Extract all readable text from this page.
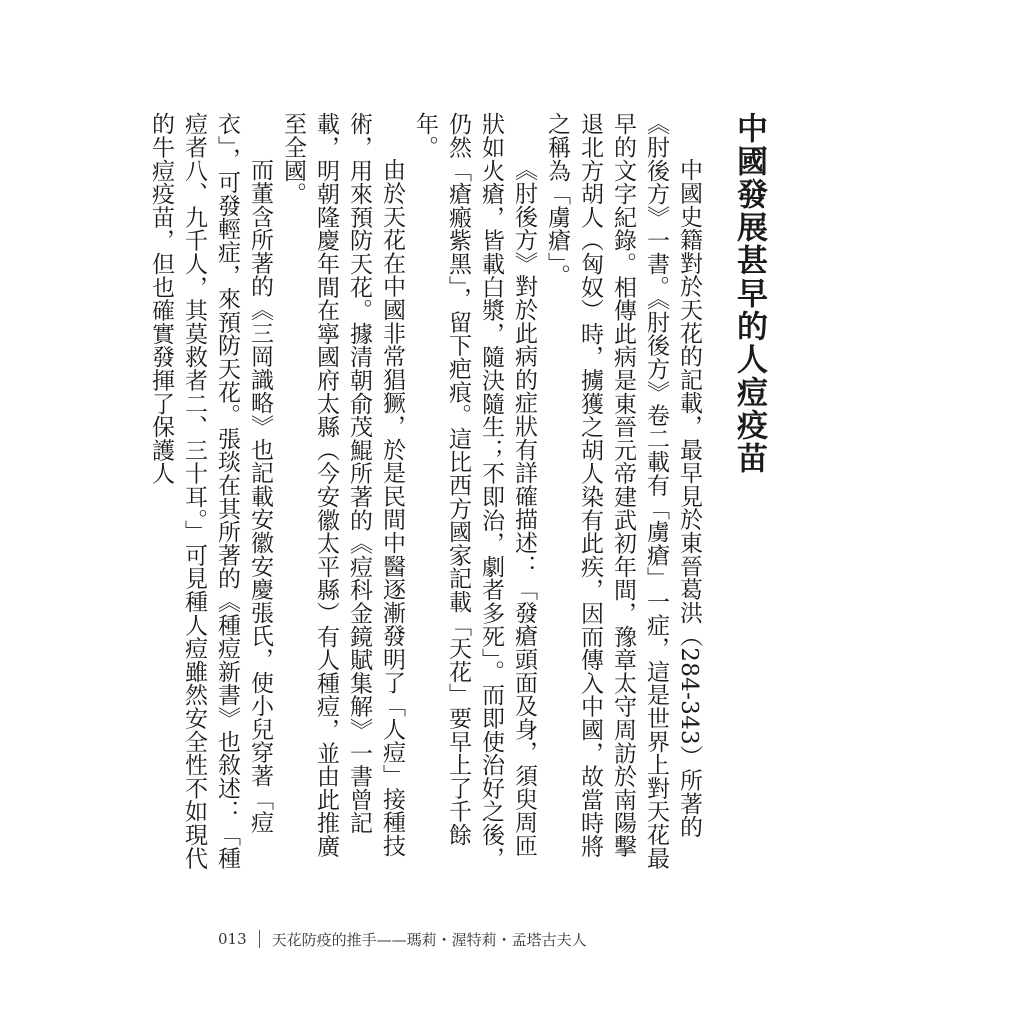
中國發展甚早的人痘疫苗

中國史籍對於天花的記載，最早見於東晉葛洪（284-343）所著的《肘後方》一書。《肘後方》卷二載有「虜瘡」一症，這是世界上對天花最早的文字紀錄。相傳此病是東晉元帝建武初年間，豫章太守周訪於南陽擊退北方胡人（匈奴）時，擄獲之胡人染有此疾，因而傳入中國，故當時將之稱為「虜瘡」。

《肘後方》對於此病的症狀有詳確描述：「發瘡頭面及身，須臾周匝狀如火瘡，皆載白漿，隨決隨生；不即治，劇者多死」。而即使治好之後，仍然「瘡瘢紫黑」，留下疤痕。這比西方國家記載「天花」要早上了千餘年。

由於天花在中國非常猖獗，於是民間中醫逐漸發明了「人痘」接種技術，用來預防天花。據清朝俞茂鯤所著的《痘科金鏡賦集解》一書曾記載，明朝隆慶年間在寧國府太縣（今安徽太平縣）有人種痘，並由此推廣至全國。

而董含所著的《三岡識略》也記載安徽安慶張氏，使小兒穿著「痘衣」，可發輕症，來預防天花。張琰在其所著的《種痘新書》也敘述：「種痘者八、九千人，其莫救者二、三十耳。」可見種人痘雖然安全性不如現代的牛痘疫苗，但也確實發揮了保護人

013 天花防疫的推手——瑪莉・渥特莉・孟塔古夫人
